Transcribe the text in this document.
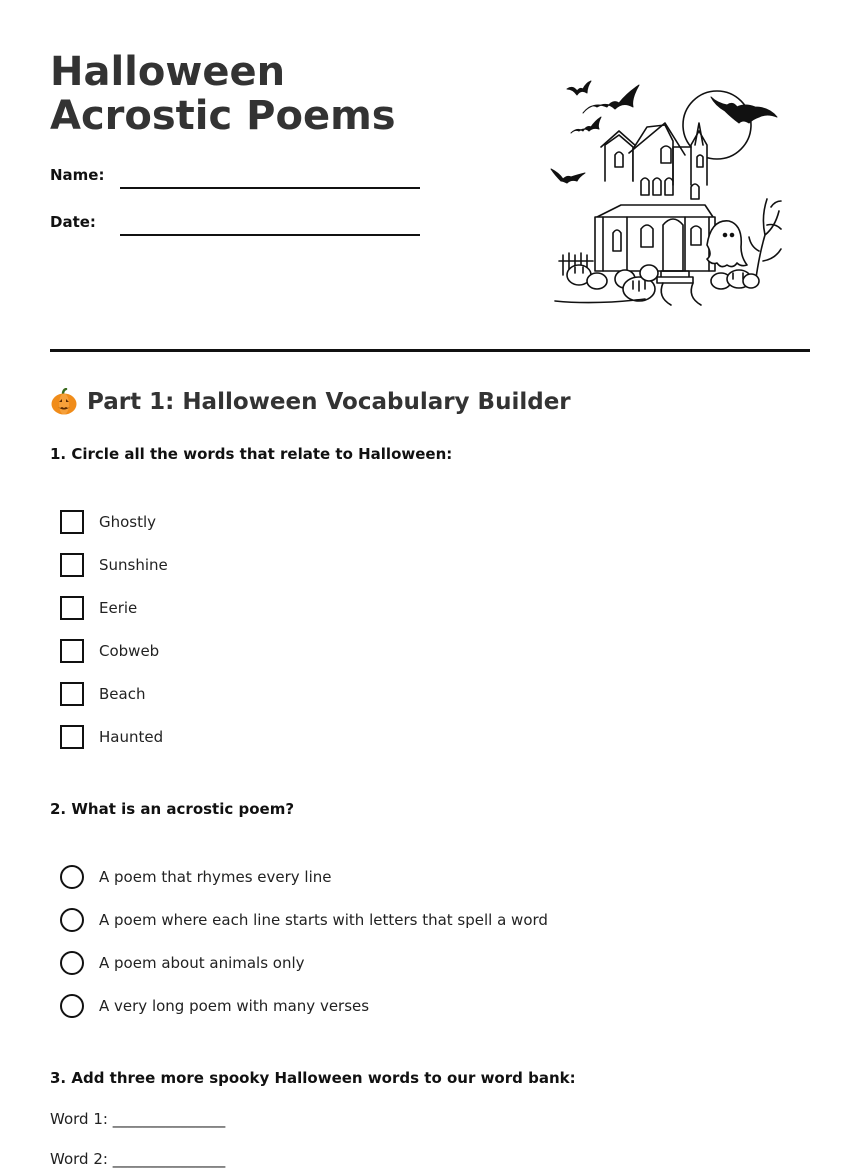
Halloween Acrostic Poems
Name:
Date:
Part 1: Halloween Vocabulary Builder
1. Circle all the words that relate to Halloween:
Ghostly
Sunshine
Eerie
Cobweb
Beach
Haunted
2. What is an acrostic poem?
A poem that rhymes every line
A poem where each line starts with letters that spell a word
A poem about animals only
A very long poem with many verses
3. Add three more spooky Halloween words to our word bank:
Word 1: _______________
Word 2: _______________
